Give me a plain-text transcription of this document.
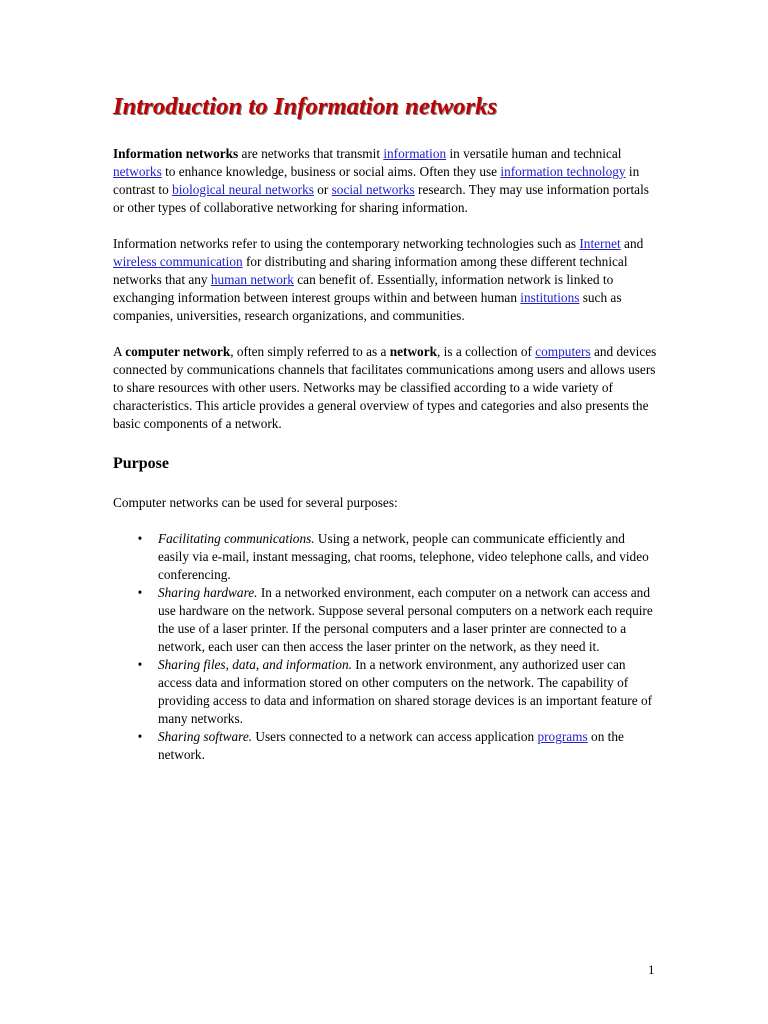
Introduction to Information networks

Information networks are networks that transmit information in versatile human and technical networks to enhance knowledge, business or social aims. Often they use information technology in contrast to biological neural networks or social networks research. They may use information portals or other types of collaborative networking for sharing information.

Information networks refer to using the contemporary networking technologies such as Internet and wireless communication for distributing and sharing information among these different technical networks that any human network can benefit of. Essentially, information network is linked to exchanging information between interest groups within and between human institutions such as companies, universities, research organizations, and communities.

A computer network, often simply referred to as a network, is a collection of computers and devices connected by communications channels that facilitates communications among users and allows users to share resources with other users. Networks may be classified according to a wide variety of characteristics. This article provides a general overview of types and categories and also presents the basic components of a network.

Purpose

Computer networks can be used for several purposes:

• Facilitating communications. Using a network, people can communicate efficiently and easily via e-mail, instant messaging, chat rooms, telephone, video telephone calls, and video conferencing.
• Sharing hardware. In a networked environment, each computer on a network can access and use hardware on the network. Suppose several personal computers on a network each require the use of a laser printer. If the personal computers and a laser printer are connected to a network, each user can then access the laser printer on the network, as they need it.
• Sharing files, data, and information. In a network environment, any authorized user can access data and information stored on other computers on the network. The capability of providing access to data and information on shared storage devices is an important feature of many networks.
• Sharing software. Users connected to a network can access application programs on the network.
1
